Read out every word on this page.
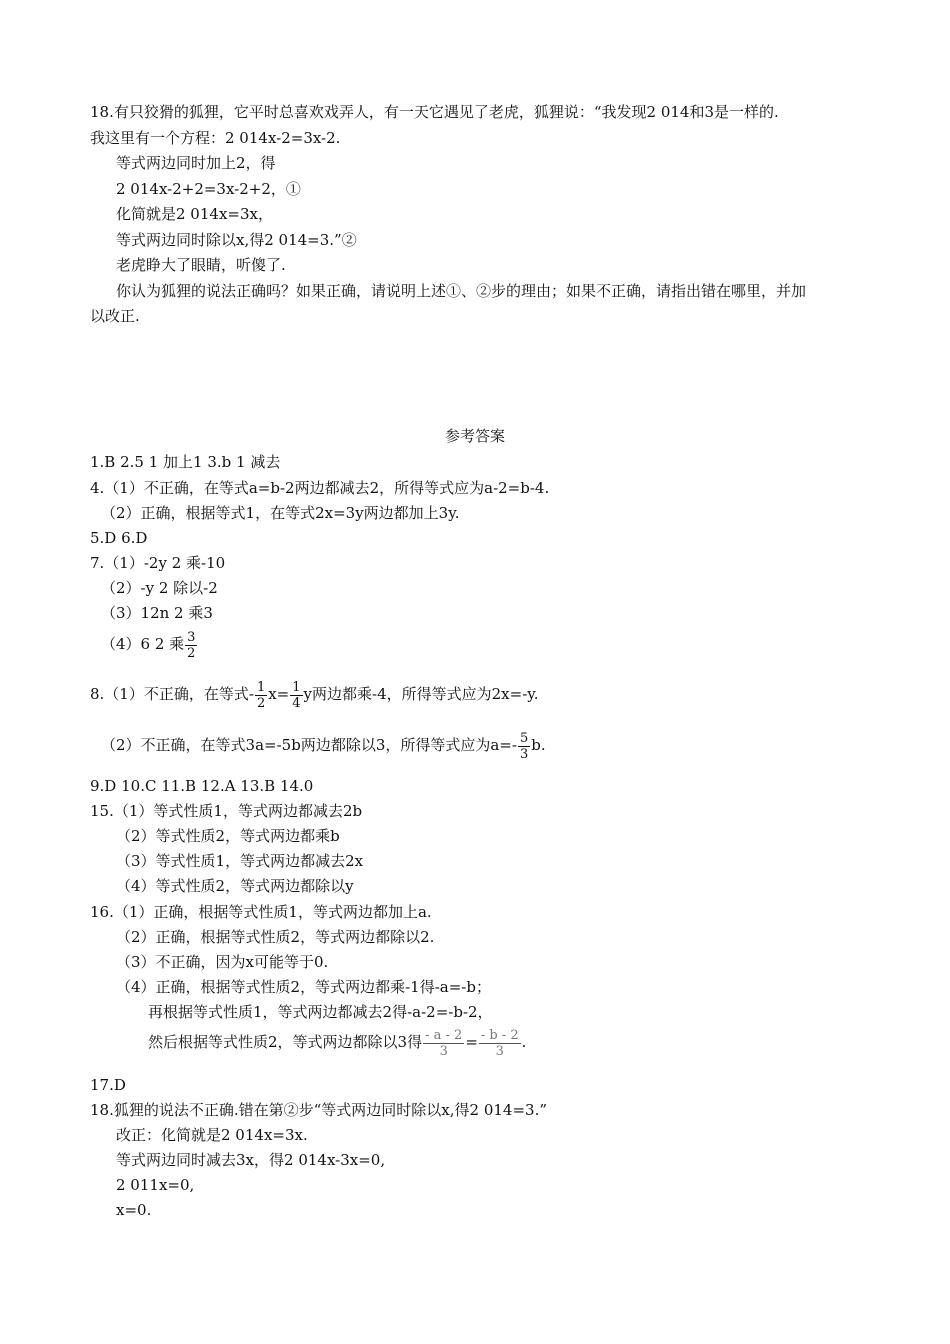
18.有只狡猾的狐狸，它平时总喜欢戏弄人，有一天它遇见了老虎，狐狸说：“我发现2 014和3是一样的.
我这里有一个方程：2 014x-2=3x-2.
等式两边同时加上2，得
2 014x-2+2=3x-2+2，①
化简就是2 014x=3x，
等式两边同时除以x,得2 014=3.”②
老虎睁大了眼睛，听傻了.
你认为狐狸的说法正确吗？如果正确，请说明上述①、②步的理由；如果不正确，请指出错在哪里，并加
以改正.
参考答案
1.B 2.5 1 加上1 3.b 1 减去
4.（1）不正确，在等式a=b-2两边都减去2，所得等式应为a-2=b-4.
（2）正确，根据等式1，在等式2x=3y两边都加上3y.
5.D 6.D
7.（1）-2y 2 乘-10
（2）-y 2 除以-2
（3）12n 2 乘3
（4）6 2 乘 $\frac{3}{2}$
8.（1）不正确，在等式- $\frac{1}{2} x= \frac{1}{4}$ y两边都乘-4，所得等式应为2x=-y.
（2）不正确，在等式3a=-5b两边都除以3，所得等式应为$a=- \frac{5}{3} b$.
9.D 10.C 11.B 12.A 13.B 14.0
15.（1）等式性质1，等式两边都减去2b
（2）等式性质2，等式两边都乘b
（3）等式性质1，等式两边都减去2x
（4）等式性质2，等式两边都除以y
16.（1）正确，根据等式性质1，等式两边都加上a.
（2）正确，根据等式性质2，等式两边都除以2.
（3）不正确，因为x可能等于0.
（4）正确，根据等式性质2，等式两边都乘-1得-a=-b；
再根据等式性质1，等式两边都减去2得-a-2=-b-2，
然后根据等式性质2，等式两边都除以3得 $\frac{- a - 2}{3} = \frac{- b - 2}{3}$ .
17.D
18.狐狸的说法不正确.错在第②步“等式两边同时除以x,得2 014=3.”
改正：化简就是2 014x=3x.
等式两边同时减去3x，得2 014x-3x=0,
2 011x=0,
x=0.
